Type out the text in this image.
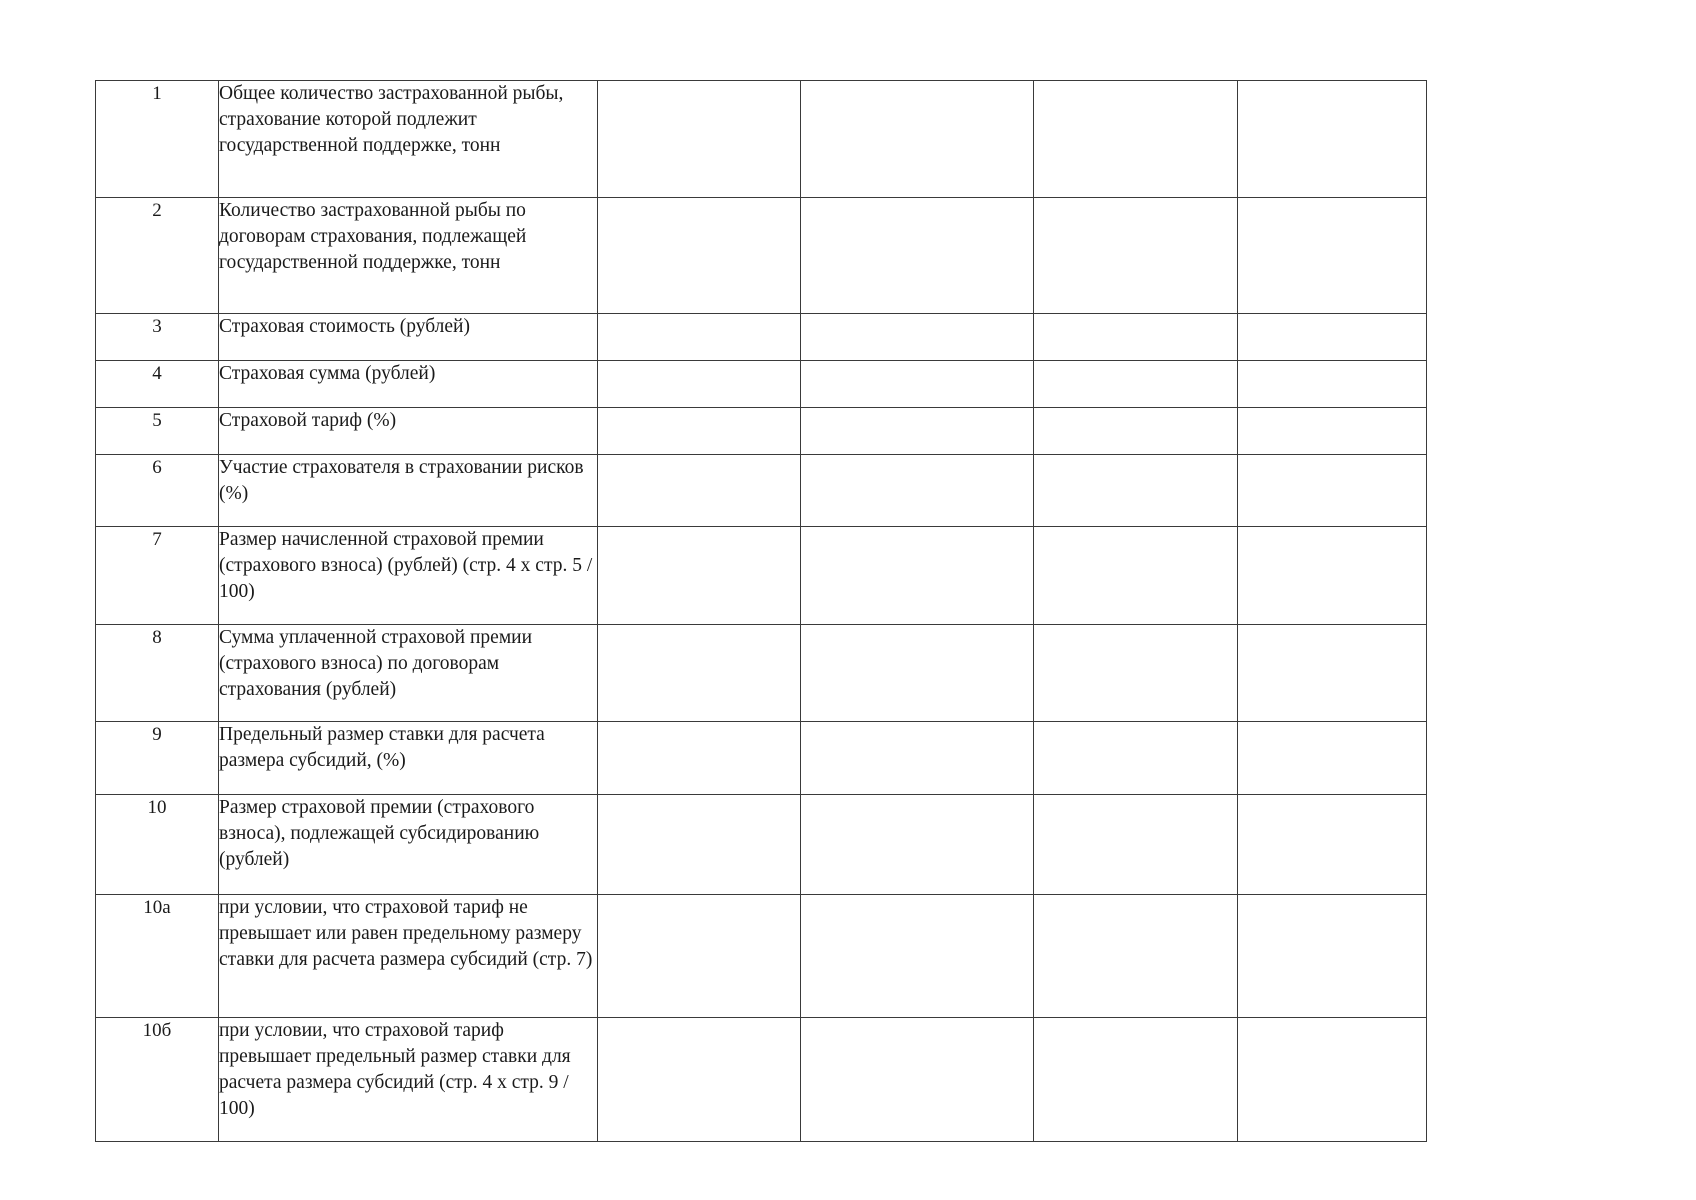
1	Общее количество застрахованной рыбы, страхование которой подлежит государственной поддержке, тонн				
2	Количество застрахованной рыбы по договорам страхования, подлежащей государственной поддержке, тонн				
3	Страховая стоимость (рублей)				
4	Страховая сумма (рублей)				
5	Страховой тариф (%)				
6	Участие страхователя в страховании рисков (%)				
7	Размер начисленной страховой премии (страхового взноса) (рублей) (стр. 4 х стр. 5 / 100)				
8	Сумма уплаченной страховой премии (страхового взноса) по договорам страхования (рублей)				
9	Предельный размер ставки для расчета размера субсидий, (%)				
10	Размер страховой премии (страхового взноса), подлежащей субсидированию (рублей)				
10а	при условии, что страховой тариф не превышает или равен предельному размеру ставки для расчета размера субсидий (стр. 7)				
10б	при условии, что страховой тариф превышает предельный размер ставки для расчета размера субсидий (стр. 4 х стр. 9 / 100)				
